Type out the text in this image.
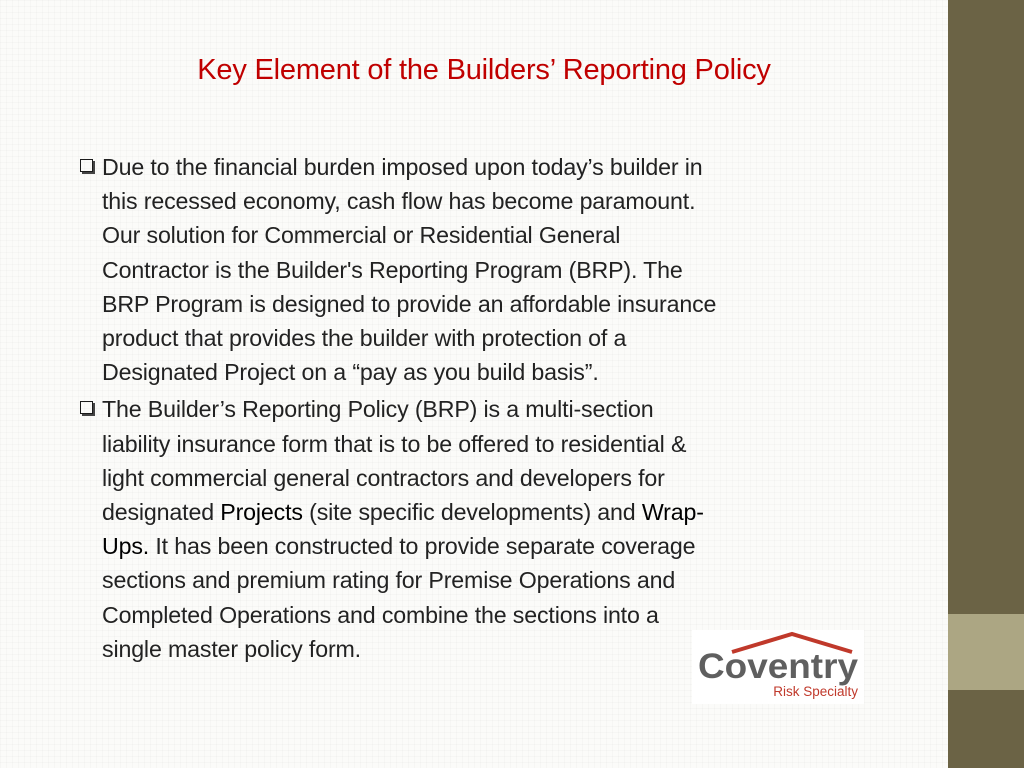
Key Element of the Builders’ Reporting Policy
Due to the financial burden imposed upon today’s builder in
this recessed economy, cash flow has become paramount.
Our solution for Commercial or Residential General
Contractor is the Builder's Reporting Program (BRP). The
BRP Program is designed to provide an affordable insurance
product that provides the builder with protection of a
Designated Project on a “pay as you build basis”.
The Builder’s Reporting Policy (BRP) is a multi-section
liability insurance form that is to be offered to residential &
light commercial general contractors and developers for
designated Projects (site specific developments) and Wrap-
Ups. It has been constructed to provide separate coverage
sections and premium rating for Premise Operations and
Completed Operations and combine the sections into a
single master policy form.	Coventry
Risk Specialty
